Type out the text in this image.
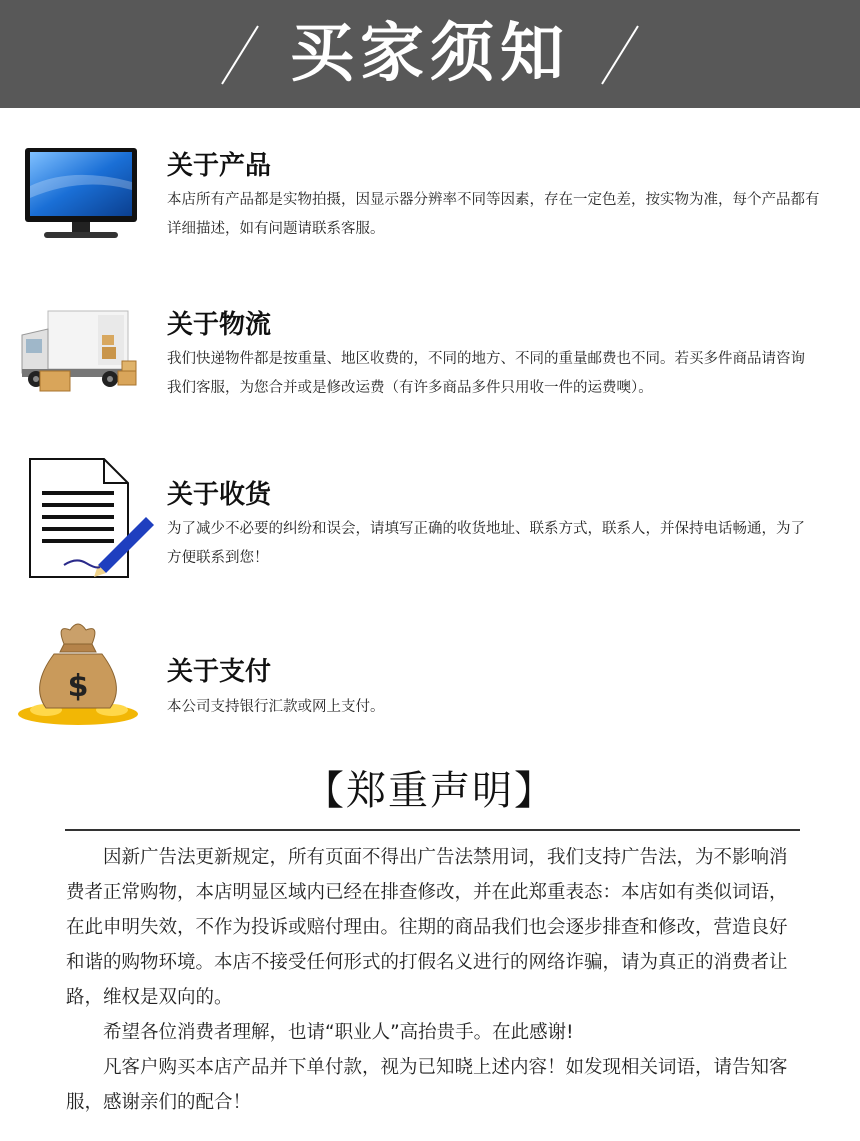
买家须知
关于产品
本店所有产品都是实物拍摄，因显示器分辨率不同等因素，存在一定色差，按实物为准，每个产品都有详细描述，如有问题请联系客服。
关于物流
我们快递物件都是按重量、地区收费的，不同的地方、不同的重量邮费也不同。若买多件商品请咨询我们客服，为您合并或是修改运费（有许多商品多件只用收一件的运费噢）。
关于收货
为了减少不必要的纠纷和误会，请填写正确的收货地址、联系方式，联系人，并保持电话畅通，为了方便联系到您！
$	关于支付
本公司支持银行汇款或网上支付。
【郑重声明】

因新广告法更新规定，所有页面不得出广告法禁用词，我们支持广告法，为不影响消费者正常购物，本店明显区域内已经在排查修改，并在此郑重表态：本店如有类似词语，在此申明失效，不作为投诉或赔付理由。往期的商品我们也会逐步排查和修改，营造良好和谐的购物环境。本店不接受任何形式的打假名义进行的网络诈骗，请为真正的消费者让路，维权是双向的。

希望各位消费者理解，也请“职业人”高抬贵手。在此感谢!

凡客户购买本店产品并下单付款，视为已知晓上述内容！如发现相关词语，请告知客服，感谢亲们的配合！
